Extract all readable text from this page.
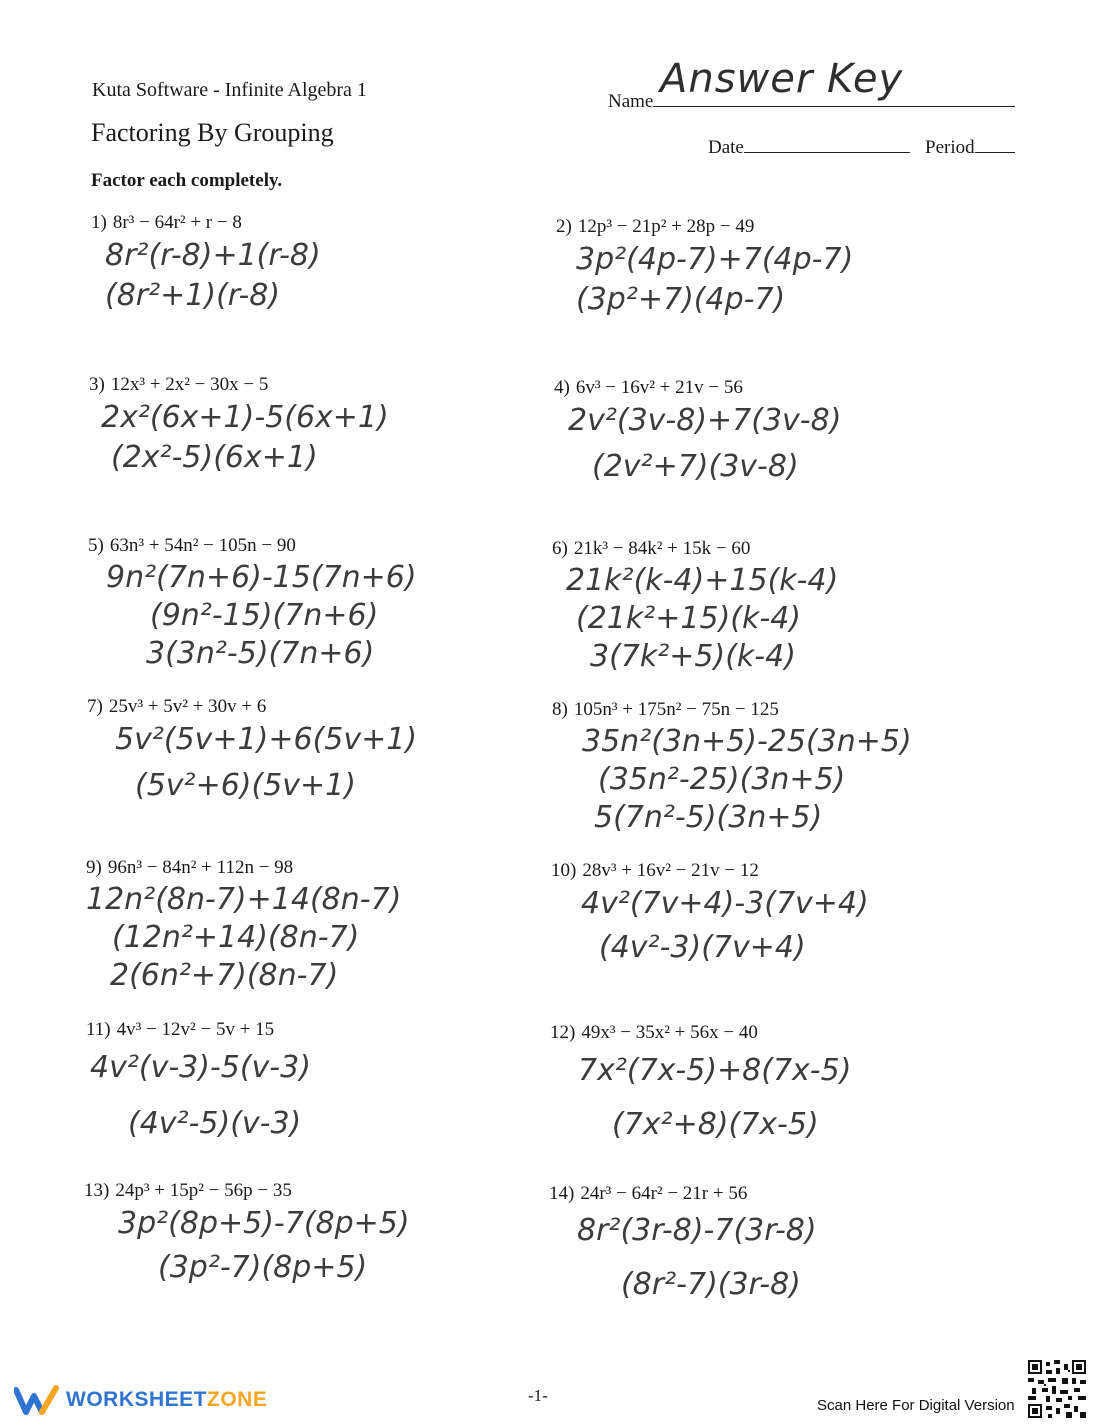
Kuta Software - Infinite Algebra 1
Factoring By Grouping
Factor each completely.
Name Answer Key
Date	Period
1) 8r³ − 64r² + r − 8
8r²(r-8)+1(r-8)
(8r²+1)(r-8)
2) 12p³ − 21p² + 28p − 49
3p²(4p-7)+7(4p-7)
(3p²+7)(4p-7)
3) 12x³ + 2x² − 30x − 5
2x²(6x+1)-5(6x+1)
(2x²-5)(6x+1)
4) 6v³ − 16v² + 21v − 56
2v²(3v-8)+7(3v-8)
(2v²+7)(3v-8)
5) 63n³ + 54n² − 105n − 90
9n²(7n+6)-15(7n+6)
(9n²-15)(7n+6)
3(3n²-5)(7n+6)
6) 21k³ − 84k² + 15k − 60
21k²(k-4)+15(k-4)
(21k²+15)(k-4)
3(7k²+5)(k-4)
7) 25v³ + 5v² + 30v + 6
5v²(5v+1)+6(5v+1)
(5v²+6)(5v+1)
8) 105n³ + 175n² − 75n − 125
35n²(3n+5)-25(3n+5)
(35n²-25)(3n+5)
5(7n²-5)(3n+5)
9) 96n³ − 84n² + 112n − 98
12n²(8n-7)+14(8n-7)
(12n²+14)(8n-7)
2(6n²+7)(8n-7)
10) 28v³ + 16v² − 21v − 12
4v²(7v+4)-3(7v+4)
(4v²-3)(7v+4)
11) 4v³ − 12v² − 5v + 15
4v²(v-3)-5(v-3)
(4v²-5)(v-3)
12) 49x³ − 35x² + 56x − 40
7x²(7x-5)+8(7x-5)
(7x²+8)(7x-5)
13) 24p³ + 15p² − 56p − 35
3p²(8p+5)-7(8p+5)
(3p²-7)(8p+5)
14) 24r³ − 64r² − 21r + 56
8r²(3r-8)-7(3r-8)
(8r²-7)(3r-8)
WORKSHEETZONE	-1-
Scan Here For Digital Version
